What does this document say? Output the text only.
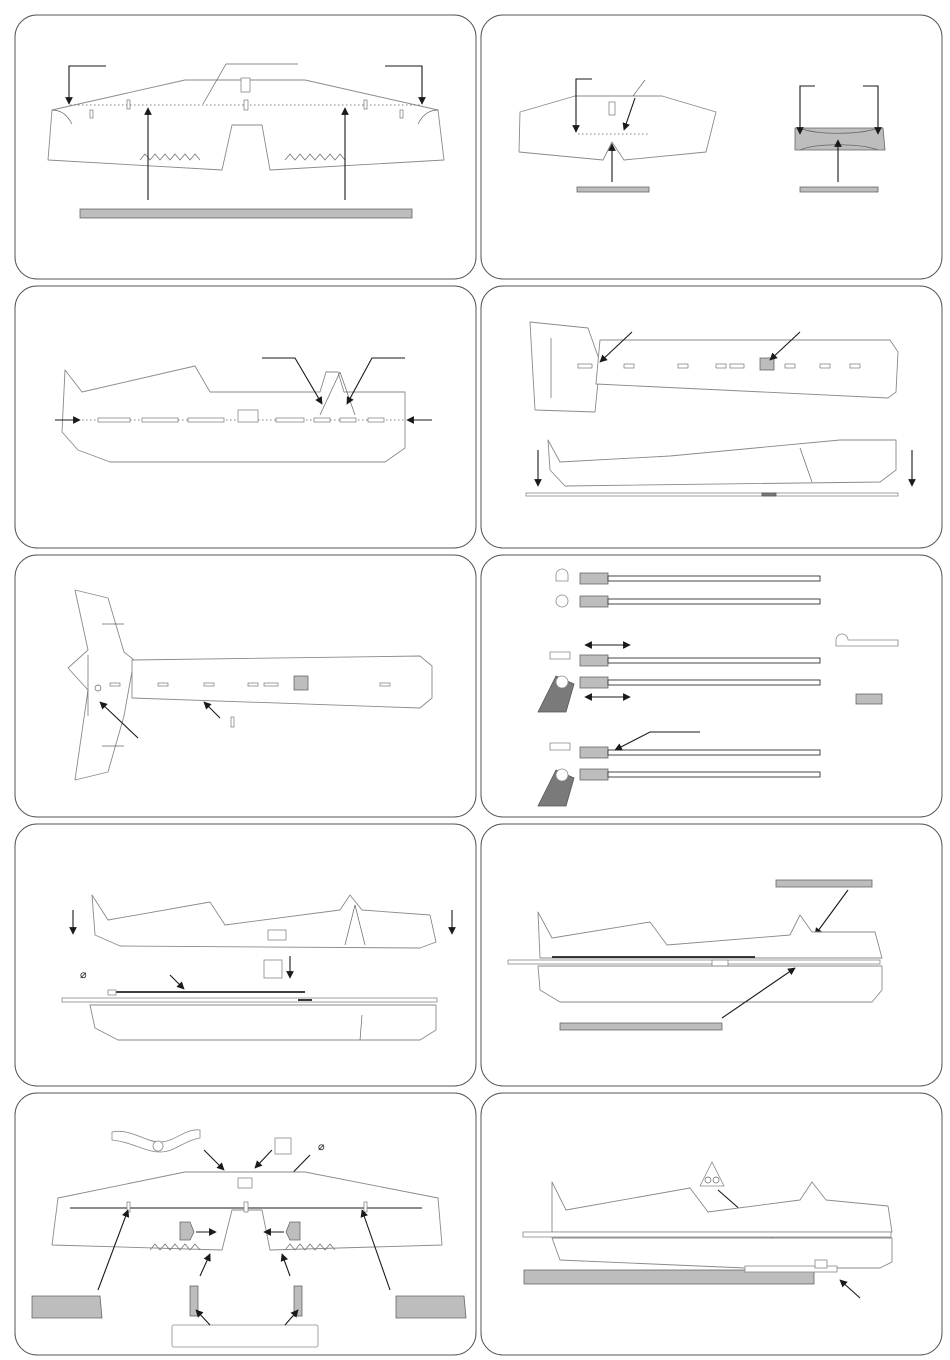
⌀
⌀
